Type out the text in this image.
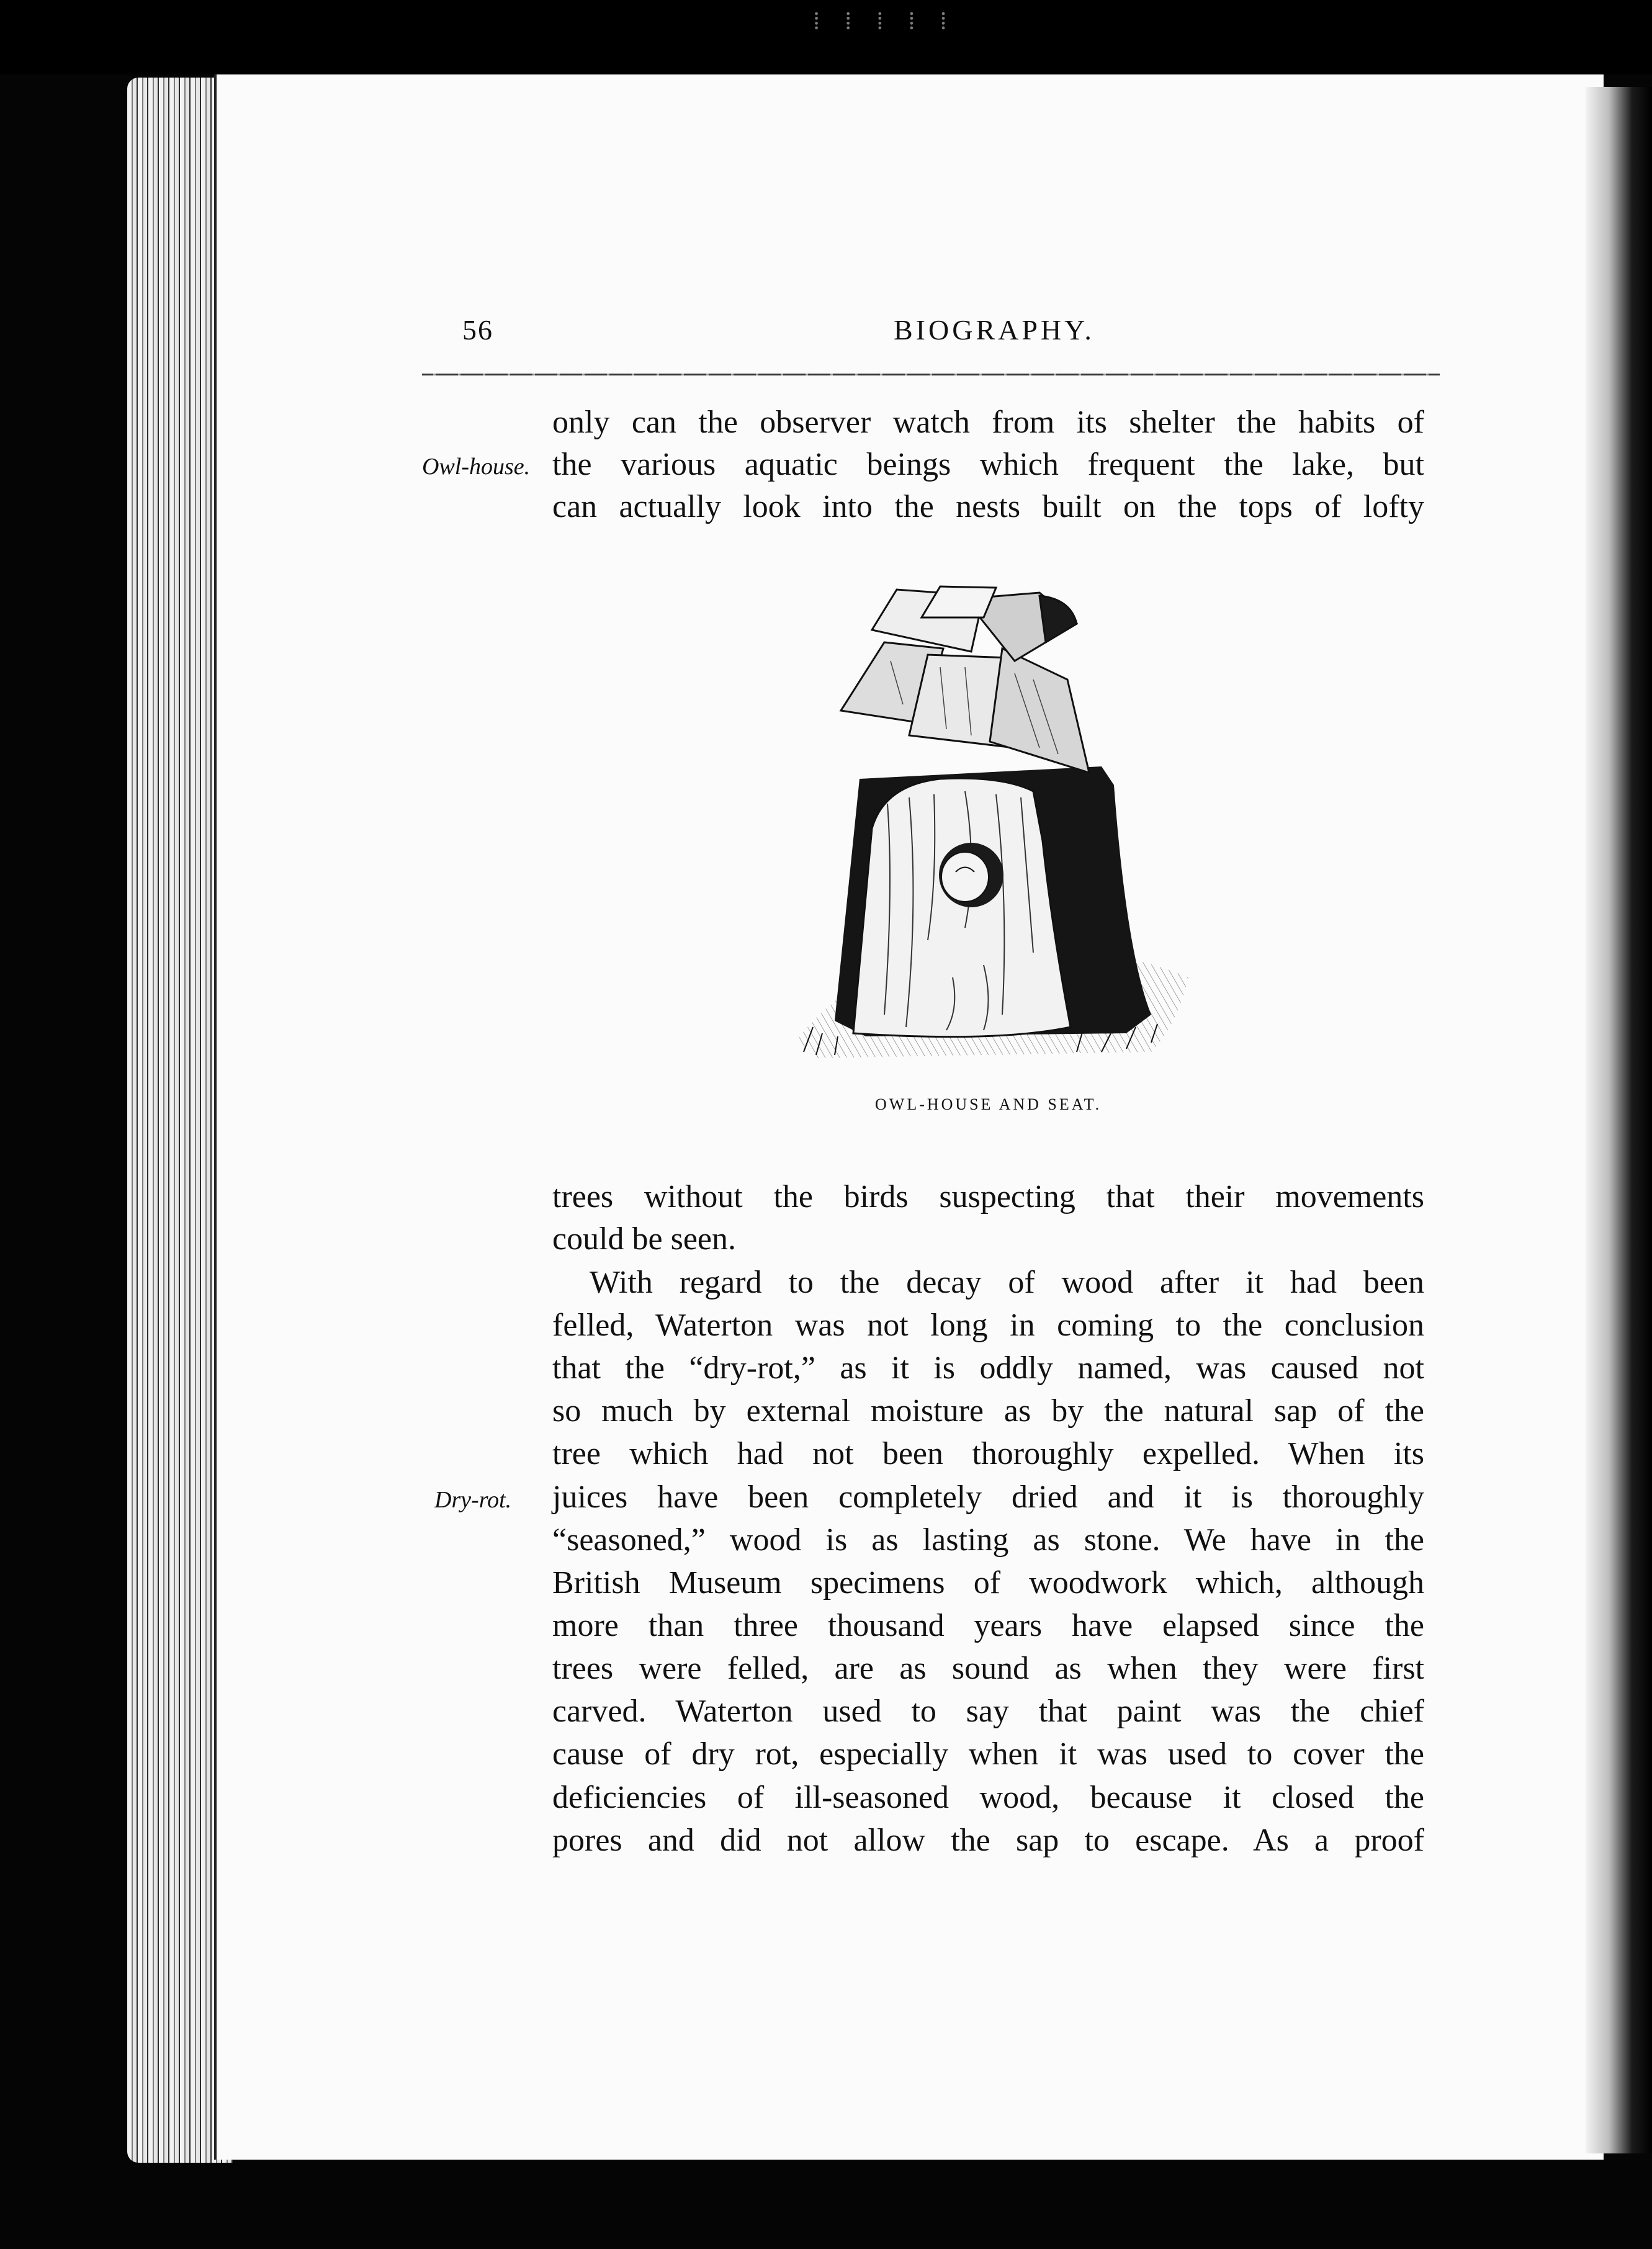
⁞⁞⁞⁞⁞
56	BIOGRAPHY.
only can the observer watch from its shelter the habits of
the various aquatic beings which frequent the lake, but
can actually look into the nests built on the tops of lofty
Owl-house.
OWL-HOUSE AND SEAT.
trees without the birds suspecting that their movements
could be seen.
With regard to the decay of wood after it had been
felled, Waterton was not long in coming to the conclusion
that the “dry-rot,” as it is oddly named, was caused not
so much by external moisture as by the natural sap of the
tree which had not been thoroughly expelled. When its
juices have been completely dried and it is thoroughly
“seasoned,” wood is as lasting as stone. We have in the
British Museum specimens of woodwork which, although
more than three thousand years have elapsed since the
trees were felled, are as sound as when they were first
carved. Waterton used to say that paint was the chief
cause of dry rot, especially when it was used to cover the
deficiencies of ill-seasoned wood, because it closed the
pores and did not allow the sap to escape. As a proof
Dry-rot.
